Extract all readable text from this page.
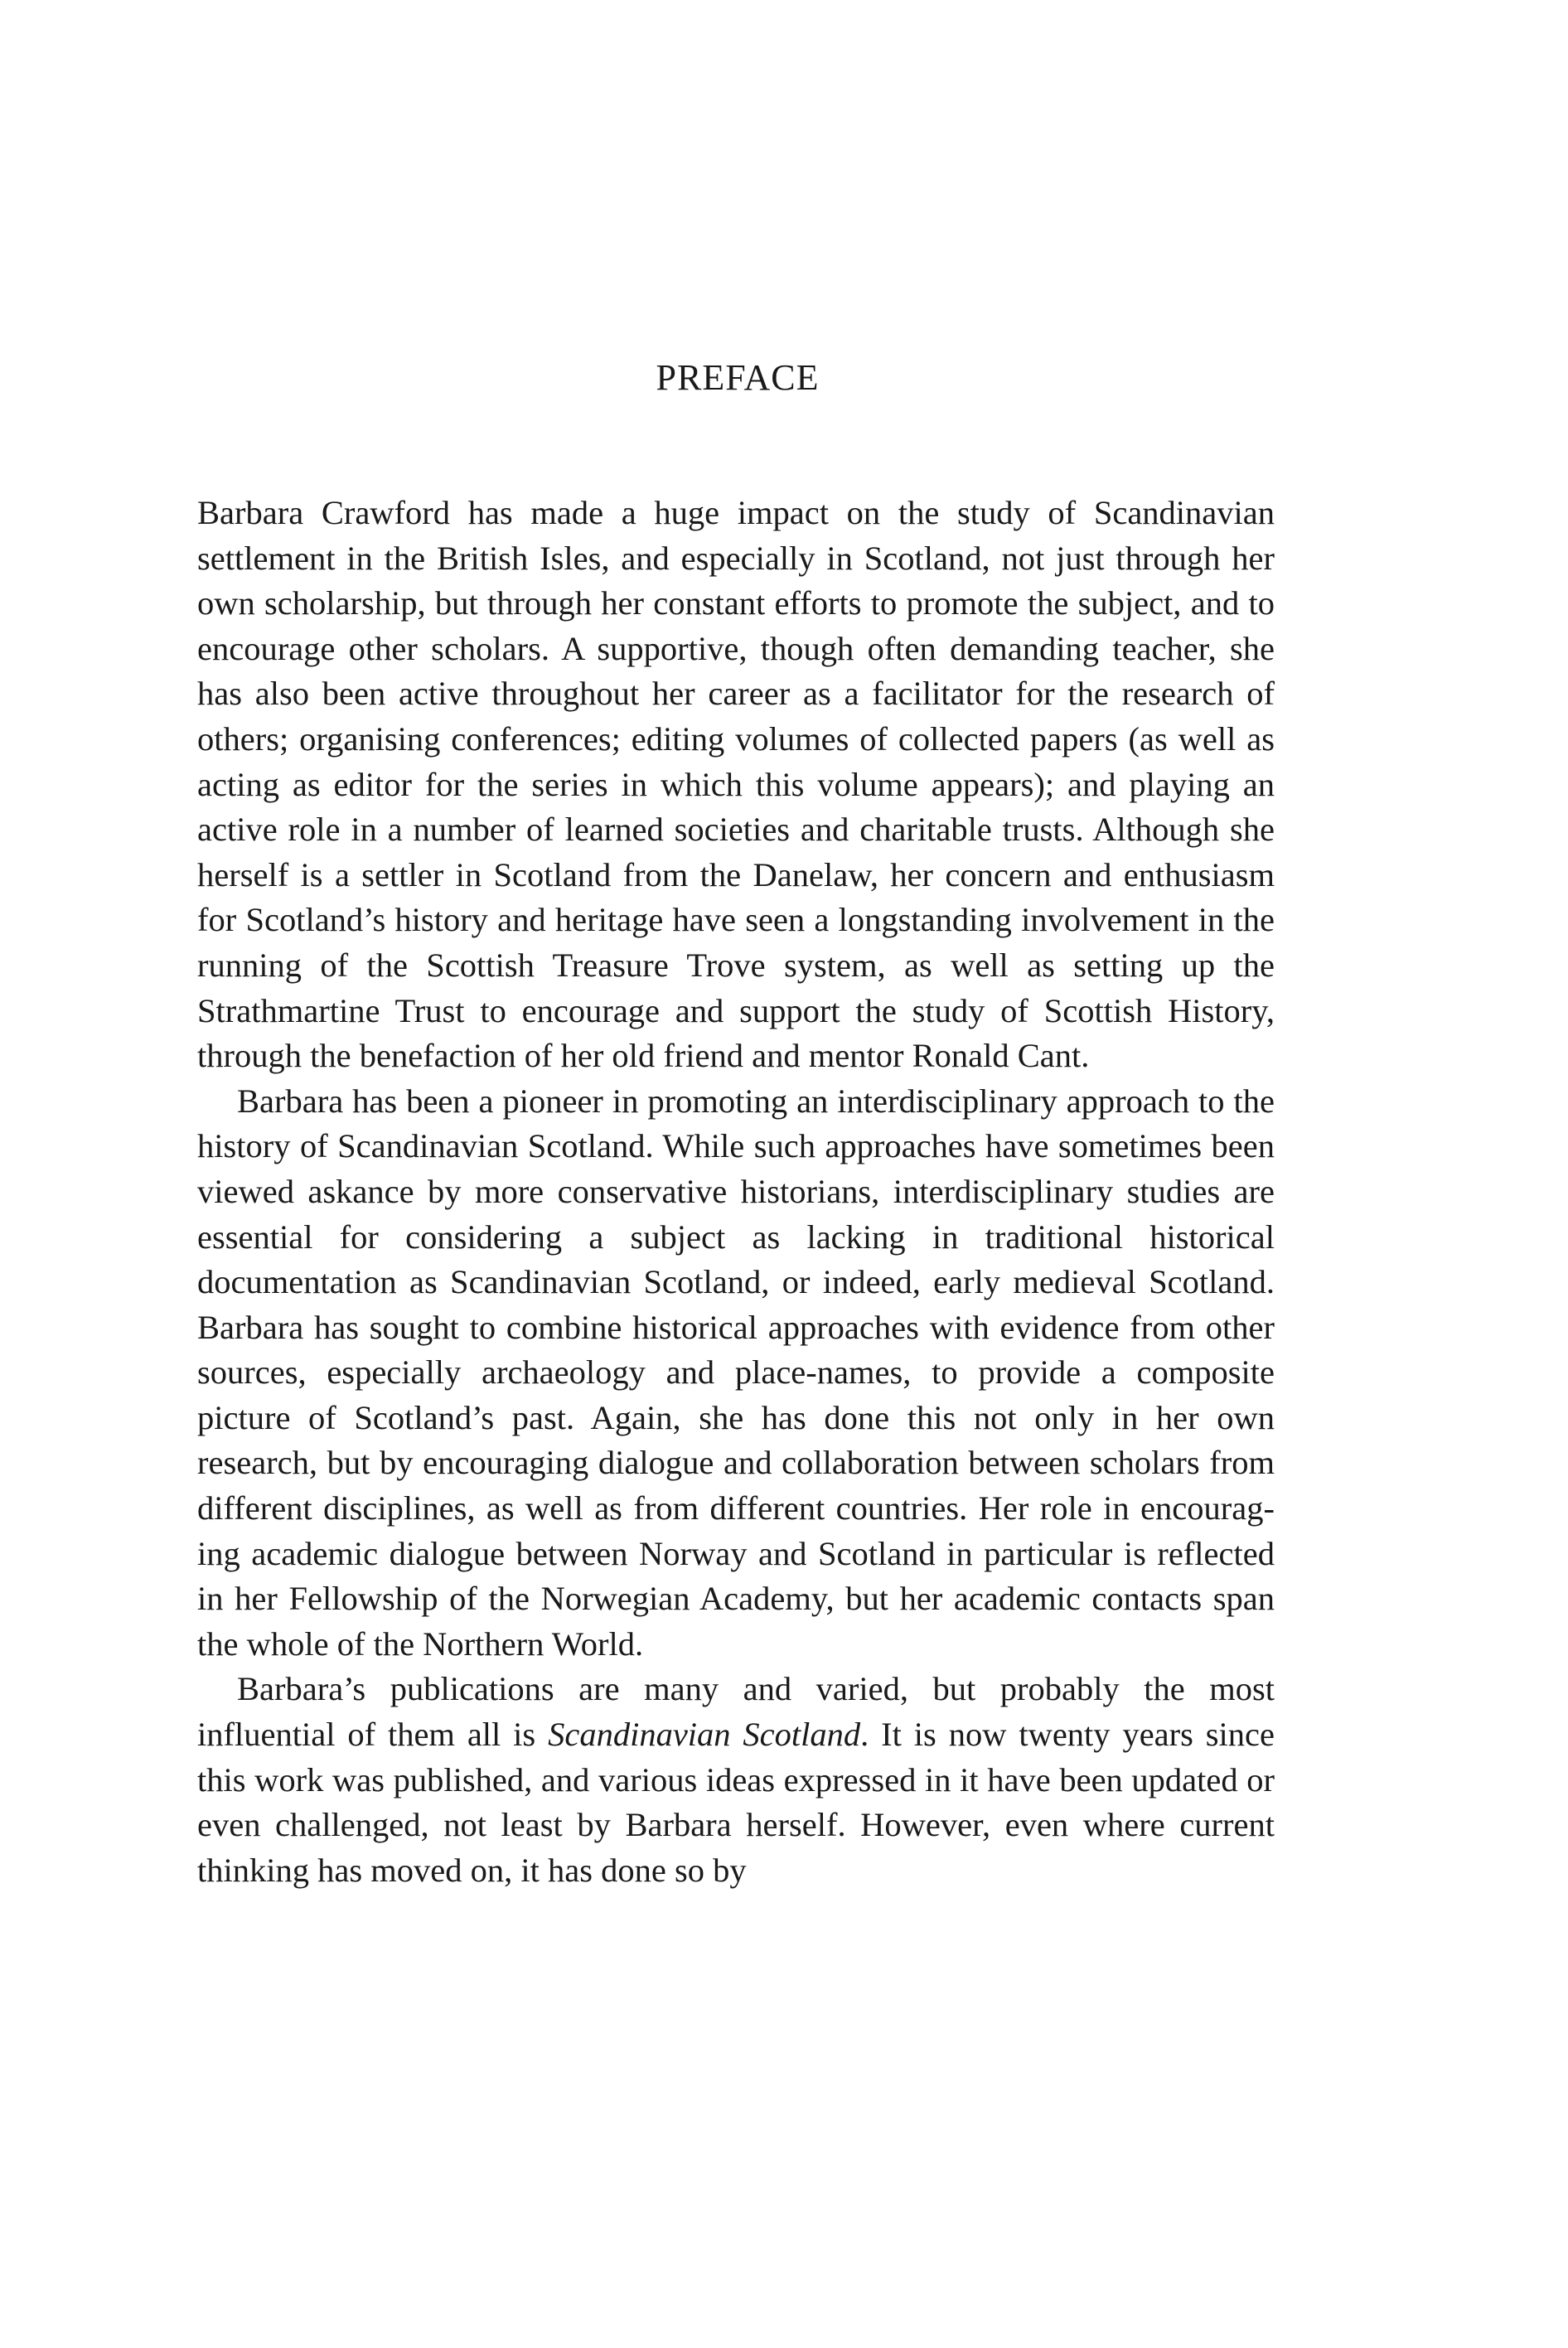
PREFACE

Barbara Crawford has made a huge impact on the study of Scandinavian settlement in the British Isles, and especially in Scotland, not just through her own scholarship, but through her constant efforts to promote the subject, and to encourage other scholars. A supportive, though often demanding teacher, she has also been active throughout her career as a facilitator for the research of others; organising conferences; editing volumes of collected papers (as well as acting as editor for the series in which this volume appears); and playing an active role in a number of learned societies and charitable trusts. Although she herself is a settler in Scotland from the Danelaw, her concern and enthusiasm for Scotland’s history and heritage have seen a longstanding involvement in the running of the Scottish Treasure Trove system, as well as setting up the Strathmartine Trust to encourage and support the study of Scottish History, through the benefaction of her old friend and mentor Ronald Cant.

Barbara has been a pioneer in promoting an interdisciplinary approach to the history of Scandinavian Scotland. While such approaches have sometimes been viewed askance by more conservative historians, interdisciplinary studies are essential for considering a subject as lacking in traditional historical documentation as Scandinavian Scotland, or indeed, early medieval Scotland. Barbara has sought to combine historical approaches with evidence from other sources, especially archaeology and place-names, to provide a composite picture of Scotland’s past. Again, she has done this not only in her own research, but by encouraging dialogue and collaboration between scholars from different disciplines, as well as from different countries. Her role in encouraging academic dialogue between Norway and Scotland in particular is reflected in her Fellowship of the Norwegian Academy, but her academic contacts span the whole of the Northern World.

Barbara’s publications are many and varied, but probably the most influential of them all is Scandinavian Scotland. It is now twenty years since this work was published, and various ideas expressed in it have been updated or even challenged, not least by Barbara herself. However, even where current thinking has moved on, it has done so by
